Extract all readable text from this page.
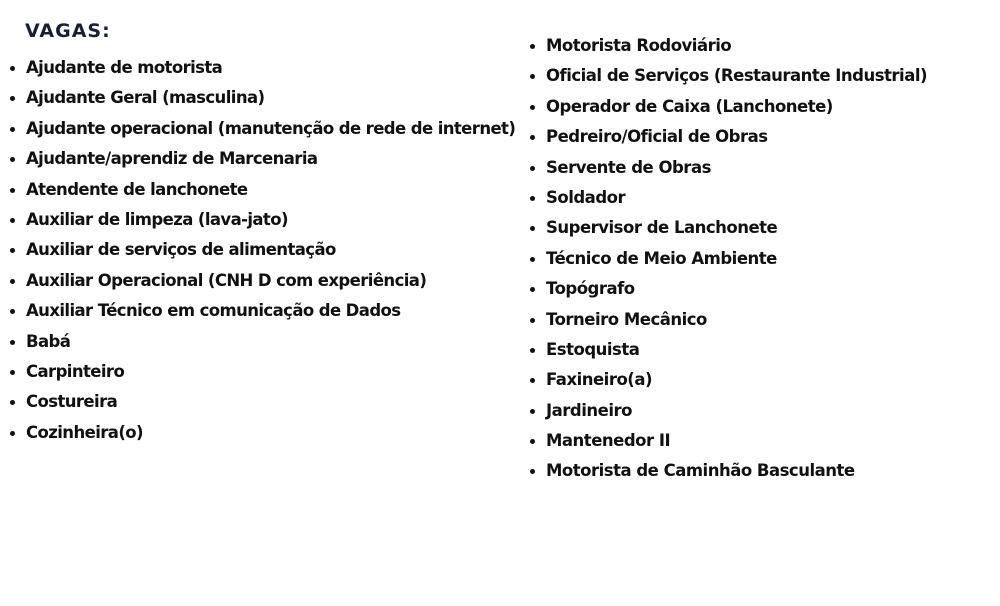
VAGAS:
Ajudante de motorista
Ajudante Geral (masculina)
Ajudante operacional (manutenção de rede de internet)
Ajudante/aprendiz de Marcenaria
Atendente de lanchonete
Auxiliar de limpeza (lava-jato)
Auxiliar de serviços de alimentação
Auxiliar Operacional (CNH D com experiência)
Auxiliar Técnico em comunicação de Dados
Babá
Carpinteiro
Costureira
Cozinheira(o)
Motorista Rodoviário
Oficial de Serviços (Restaurante Industrial)
Operador de Caixa (Lanchonete)
Pedreiro/Oficial de Obras
Servente de Obras
Soldador
Supervisor de Lanchonete
Técnico de Meio Ambiente
Topógrafo
Torneiro Mecânico
Estoquista
Faxineiro(a)
Jardineiro
Mantenedor II
Motorista de Caminhão Basculante
